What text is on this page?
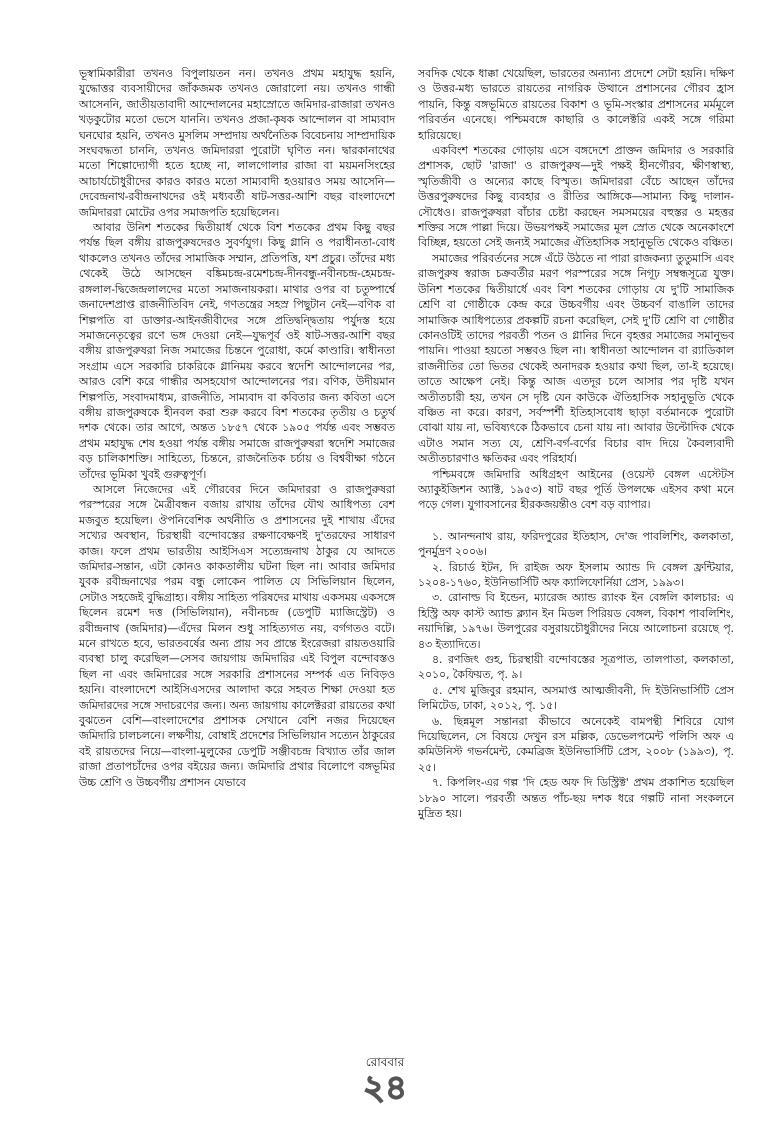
ভূস্বামিকারীরা তখনও বিপুলায়তন নন। তখনও প্রথম মহাযুদ্ধ হয়নি, যুদ্ধোত্তর ব্যবসায়ীদের জাঁকজমক তখনও জোরালো নয়। তখনও গান্ধী আসেননি, জাতীয়তাবাদী আন্দোলনের মহাস্রোতে জমিদার-রাজারা তখনও খড়কুটোর মতো ভেসে যাননি। তখনও প্রজা-কৃষক আন্দোলন বা সাম্যবাদ ঘনঘোর হয়নি, তখনও মুসলিম সম্প্রদায় অর্থনৈতিক বিবেচনায় সাম্প্রদায়িক সংঘবদ্ধতা চাননি, তখনও জমিদাররা পুরোটা ঘৃণিত নন। দ্বারকানাথের মতো শিল্পোদ্যোগী হতে হচ্ছে না, লালগোলার রাজা বা ময়মনসিংহের আচার্যচৌধুরীদের কারও কারও মতো সাম্যবাদী হওয়ারও সময় আসেনি—দেবেন্দ্রনাথ-রবীন্দ্রনাথদের ওই মধ্যবর্তী ষাট-সত্তর-আশি বছর বাংলাদেশে জমিদাররা মোটের ওপর সমাজপতি হয়েছিলেন।

আবার উনিশ শতকের দ্বিতীয়ার্ধ থেকে বিশ শতকের প্রথম কিছু বছর পর্যন্ত ছিল বঙ্গীয় রাজপুরুষদেরও সুবর্ণযুগ। কিছু গ্লানি ও পরাধীনতা-বোধ থাকলেও তখনও তাঁদের সামাজিক সম্মান, প্রতিপত্তি, যশ প্রচুর। তাঁদের মধ্য থেকেই উঠে আসছেন বঙ্কিমচন্দ্র-রমেশচন্দ্র-দীনবন্ধু-নবীনচন্দ্র-হেমচন্দ্র-রঙ্গলাল-দ্বিজেন্দ্রলালদের মতো সমাজনায়করা। মাথার ওপর বা চতুষ্পার্শ্বে জনাদেশপ্রাপ্ত রাজনীতিবিদ নেই, গণতন্ত্রের সহস্র পিছুটান নেই—বণিক বা শিল্পপতি বা ডাক্তার-আইনজীবীদের সঙ্গে প্রতিদ্বন্দ্বিতায় পর্যুদস্ত হয়ে সমাজনেতৃত্বের রণে ভঙ্গ দেওয়া নেই—যুদ্ধপূর্ব ওই ষাট-সত্তর-আশি বছর বঙ্গীয় রাজপুরুষরা নিজ সমাজের চিন্তনে পুরোধা, কর্মে কাণ্ডারি। স্বাধীনতা সংগ্রাম এসে সরকারি চাকরিকে গ্লানিময় করবে স্বদেশি আন্দোলনের পর, আরও বেশি করে গান্ধীর অসহযোগ আন্দোলনের পর। বণিক, উদীয়মান শিল্পপতি, সংবাদমাধ্যম, রাজনীতি, সাম্যবাদ বা কবিতার জন্য কবিতা এসে বঙ্গীয় রাজপুরুষকে হীনবল করা শুরু করবে বিশ শতকের তৃতীয় ও চতুর্থ দশক থেকে। তার আগে, অন্তত ১৮৫৭ থেকে ১৯০৫ পর্যন্ত এবং সম্ভবত প্রথম মহাযুদ্ধ শেষ হওয়া পর্যন্ত বঙ্গীয় সমাজে রাজপুরুষরা স্বদেশি সমাজের বড় চালিকাশক্তি। সাহিত্যে, চিন্তনে, রাজনৈতিক চর্চায় ও বিশ্ববীক্ষা গঠনে তাঁদের ভূমিকা খুবই গুরুত্বপূর্ণ।

আসলে নিজেদের এই গৌরবের দিনে জমিদাররা ও রাজপুরুষরা পরস্পরের সঙ্গে মৈত্রীবন্ধন বজায় রাখায় তাঁদের যৌথ আধিপত্য বেশ মজবুত হয়েছিল। ঔপনিবেশিক অর্থনীতি ও প্রশাসনের দুই শাখায় এঁদের সখ্যের অবস্থান, চিরস্থায়ী বন্দোবস্তের রক্ষণাবেক্ষণই দু'তরফের সাধারণ কাজ। ফলে প্রথম ভারতীয় আইসিএস সত্যেন্দ্রনাথ ঠাকুর যে আদতে জমিদার-সন্তান, এটা কোনও কাকতালীয় ঘটনা ছিল না। আবার জমিদার যুবক রবীন্দ্রনাথের পরম বন্ধু লোকেন পালিত যে সিভিলিয়ান ছিলেন, সেটাও সহজেই বুদ্ধিগ্রাহ্য। বঙ্গীয় সাহিত্য পরিষদের মাথায় একসময় একসঙ্গে ছিলেন রমেশ দত্ত (সিভিলিয়ান), নবীনচন্দ্র (ডেপুটি ম্যাজিস্ট্রেট) ও রবীন্দ্রনাথ (জমিদার)—এঁদের মিলন শুধু সাহিত্যগত নয়, বর্গগতও বটে। মনে রাখতে হবে, ভারতবর্ষের অন্য প্রায় সব প্রান্তে ইংরেজরা রায়তওয়ারি ব্যবস্থা চালু করেছিল—সেসব জায়গায় জমিদারির এই বিপুল বন্দোবস্তও ছিল না এবং জমিদারের সঙ্গে সরকারি প্রশাসনের সম্পর্ক এত নিবিড়ও হয়নি। বাংলাদেশে আইসিএসদের আলাদা করে সহবত শিক্ষা দেওয়া হত জমিদারদের সঙ্গে সদাচরণের জন্য। অন্য জায়গায় কালেক্টররা রায়তের কথা বুঝতেন বেশি—বাংলাদেশের প্রশাসক সেখানে বেশি নজর দিয়েছেন জমিদারি চালচলনে। লক্ষণীয়, বোম্বাই প্রদেশের সিভিলিয়ান সত্যেন ঠাকুরের বই রায়তদের নিয়ে—বাংলা-মুলুকের ডেপুটি সঞ্জীবচন্দ্র বিখ্যাত তাঁর জাল রাজা প্রতাপচাঁদের ওপর বইয়ের জন্য। জমিদারি প্রথার বিলোপে বঙ্গভূমির উচ্চ শ্রেণি ও উচ্চবর্গীয় প্রশাসন যেভাবে

সবদিক থেকে ধাক্কা খেয়েছিল, ভারতের অন্যান্য প্রদেশে সেটা হয়নি। দক্ষিণ ও উত্তর-মধ্য ভারতে রায়তের নাগরিক উত্থানে প্রশাসনের গৌরব হ্রাস পায়নি, কিন্তু বঙ্গভূমিতে রায়তের বিকাশ ও ভূমি-সংস্কার প্রশাসনের মর্মমূলে পরিবর্তন এনেছে। পশ্চিমবঙ্গে কাছারি ও কালেক্টরি একই সঙ্গে গরিমা হারিয়েছে।

একবিংশ শতকের গোড়ায় এসে বঙ্গদেশে প্রাক্তন জমিদার ও সরকারি প্রশাসক, ছোট 'রাজা' ও রাজপুরুষ—দুই পক্ষই হীনগৌরব, ক্ষীণস্বাস্থ্য, স্মৃতিজীবী ও অন্যের কাছে বিস্মৃত। জমিদাররা বেঁচে আছেন তাঁদের উত্তরপুরুষদের কিছু ব্যবহার ও রীতির আঙ্গিকে—সামান্য কিছু দালান-সৌধেও। রাজপুরুষরা বাঁচার চেষ্টা করছেন সমসময়ের বহুস্তর ও মহত্তর শক্তির সঙ্গে পাল্লা দিয়ে। উভয়পক্ষই সমাজের মূল স্রোত থেকে অনেকাংশে বিচ্ছিন্ন, হয়তো সেই জন্যই সমাজের ঐতিহাসিক সহানুভূতি থেকেও বঞ্চিত।

সমাজের পরিবর্তনের সঙ্গে এঁটে উঠতে না পারা রাজকন্যা তুতুমাসি এবং রাজপুরুষ স্বরাজ চক্রবর্তীর মরণ পরস্পরের সঙ্গে নিগূঢ় সম্বন্ধসূত্রে যুক্ত। উনিশ শতকের দ্বিতীয়ার্ধে এবং বিশ শতকের গোড়ায় যে দু'টি সামাজিক শ্রেণি বা গোষ্ঠীকে কেন্দ্র করে উচ্চবর্গীয় এবং উচ্চবর্ণ বাঙালি তাদের সামাজিক আধিপত্যের প্রকল্পটি রচনা করেছিল, সেই দু'টি শ্রেণি বা গোষ্ঠীর কোনওটিই তাদের পরবর্তী পতন ও গ্লানির দিনে বৃহত্তর সমাজের সমানুভব পায়নি। পাওয়া হয়তো সম্ভবও ছিল না। স্বাধীনতা আন্দোলন বা র‍্যাডিকাল রাজনীতির তো ভিতর থেকেই অনাদরক হওয়ার কথা ছিল, তা-ই হয়েছে। তাতে আক্ষেপ নেই। কিন্তু আজ এতদূর চলে আসার পর দৃষ্টি যখন অতীতচারী হয়, তখন সে দৃষ্টি যেন কাউকে ঐতিহাসিক সহানুভূতি থেকে বঞ্চিত না করে। কারণ, সর্বস্পর্শী ইতিহাসবোধ ছাড়া বর্তমানকে পুরোটা বোঝা যায় না, ভবিষ্যৎকে ঠিকভাবে চেনা যায় না। আবার উল্টোদিক থেকে এটাও সমান সত্য যে, শ্রেণি-বর্গ-বর্ণের বিচার বাদ দিয়ে কৈবল্যবাদী অতীতচারণাও ক্ষতিকর এবং পরিহার্য।

পশ্চিমবঙ্গে জমিদারি অধিগ্রহণ আইনের (ওয়েস্ট বেঙ্গল এস্টেটস অ্যাকুইজিশন অ্যাক্ট, ১৯৫৩) ষাট বছর পূর্তি উপলক্ষে এইসব কথা মনে পড়ে গেল। যুগাবসানের হীরকজয়ন্তীও বেশ বড় ব্যাপার।

১. আনন্দনাথ রায়, ফরিদপুরের ইতিহাস, দে'জ পাবলিশিং, কলকাতা, পুনর্মুদ্রণ ২০০৬।

২. রিচার্ড ইটন, দি রাইজ অফ ইসলাম অ্যান্ড দি বেঙ্গল ফ্রন্টিয়ার, ১২০৪-১৭৬০, ইউনিভার্সিটি অফ ক্যালিফোর্নিয়া প্রেস, ১৯৯৩।

৩. রোনাল্ড বি ইন্ডেন, ম্যারেজ অ্যান্ড র‍্যাংক ইন বেঙ্গলি কালচার: এ হিস্ট্রি অফ কাস্ট অ্যান্ড ক্ল্যান ইন মিডল পিরিয়ড বেঙ্গল, বিকাশ পাবলিশিং, নয়াদিল্লি, ১৯৭৬। উলপুরের বসুরায়চৌধুরীদের নিয়ে আলোচনা রয়েছে পৃ. ৪৩ ইত্যাদিতে।

৪. রণজিৎ গুহ, চিরস্থায়ী বন্দোবস্তের সূত্রপাত, তালপাতা, কলকাতা, ২০১০, কৈফিয়ত, পৃ. ৯।

৫. শেখ মুজিবুর রহমান, অসমাপ্ত আত্মজীবনী, দি ইউনিভার্সিটি প্রেস লিমিটেড, ঢাকা, ২০১২, পৃ. ১৫।

৬. ছিন্নমূল সন্তানরা কীভাবে অনেকেই বামপন্থী শিবিরে যোগ দিয়েছিলেন, সে বিষয়ে দেখুন রস মল্লিক, ডেভেলপমেন্ট পলিসি অফ এ কমিউনিস্ট গভর্নমেন্ট, কেমব্রিজ ইউনিভার্সিটি প্রেস, ২০০৮ (১৯৯৩), পৃ. ২৫।

৭. কিপলিং-এর গল্প 'দি হেড অফ দি ডিস্ট্রিক্ট' প্রথম প্রকাশিত হয়েছিল ১৮৯০ সালে। পরবর্তী অন্তত পাঁচ-ছয় দশক ধরে গল্পটি নানা সংকলনে মুদ্রিত হয়।

রোববার
২৪
